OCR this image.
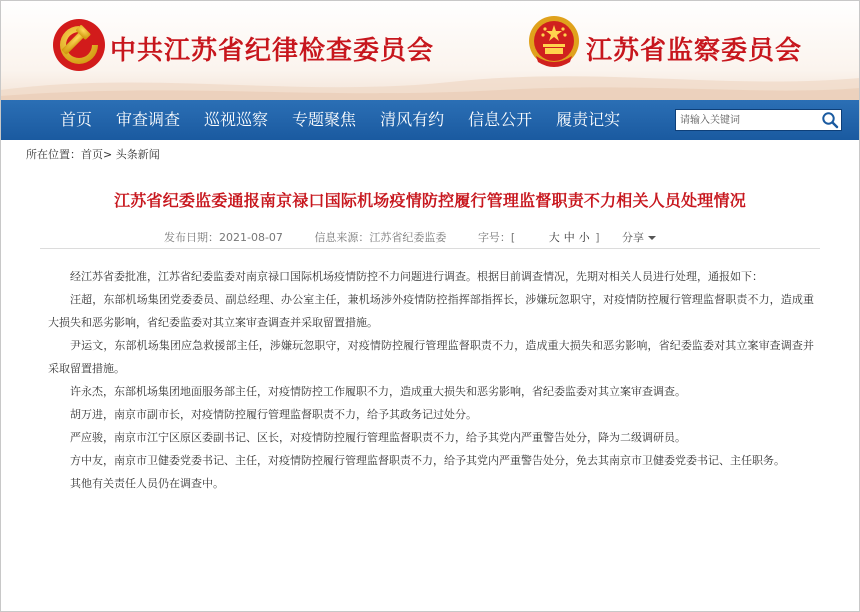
中共江苏省纪律检查委员会	江苏省监察委员会
首页 审查调查 巡视巡察 专题聚焦 清风有约 信息公开 履责记实
请输入关键词
所在位置：首页> 头条新闻
江苏省纪委监委通报南京禄口国际机场疫情防控履行管理监督职责不力相关人员处理情况
发布日期：2021-08-07	信息来源：江苏省纪委监委	字号：[	大 中 小 ]	分享

经江苏省委批准，江苏省纪委监委对南京禄口国际机场疫情防控不力问题进行调查。根据目前调查情况，先期对相关人员进行处理，通报如下：

汪超，东部机场集团党委委员、副总经理、办公室主任，兼机场涉外疫情防控指挥部指挥长，涉嫌玩忽职守，对疫情防控履行管理监督职责不力，造成重大损失和恶劣影响，省纪委监委对其立案审查调查并采取留置措施。

尹运文，东部机场集团应急救援部主任，涉嫌玩忽职守，对疫情防控履行管理监督职责不力，造成重大损失和恶劣影响，省纪委监委对其立案审查调查并采取留置措施。

许永杰，东部机场集团地面服务部主任，对疫情防控工作履职不力，造成重大损失和恶劣影响，省纪委监委对其立案审查调查。

胡万进，南京市副市长，对疫情防控履行管理监督职责不力，给予其政务记过处分。

严应骏，南京市江宁区原区委副书记、区长，对疫情防控履行管理监督职责不力，给予其党内严重警告处分，降为二级调研员。

方中友，南京市卫健委党委书记、主任，对疫情防控履行管理监督职责不力，给予其党内严重警告处分，免去其南京市卫健委党委书记、主任职务。

其他有关责任人员仍在调查中。
